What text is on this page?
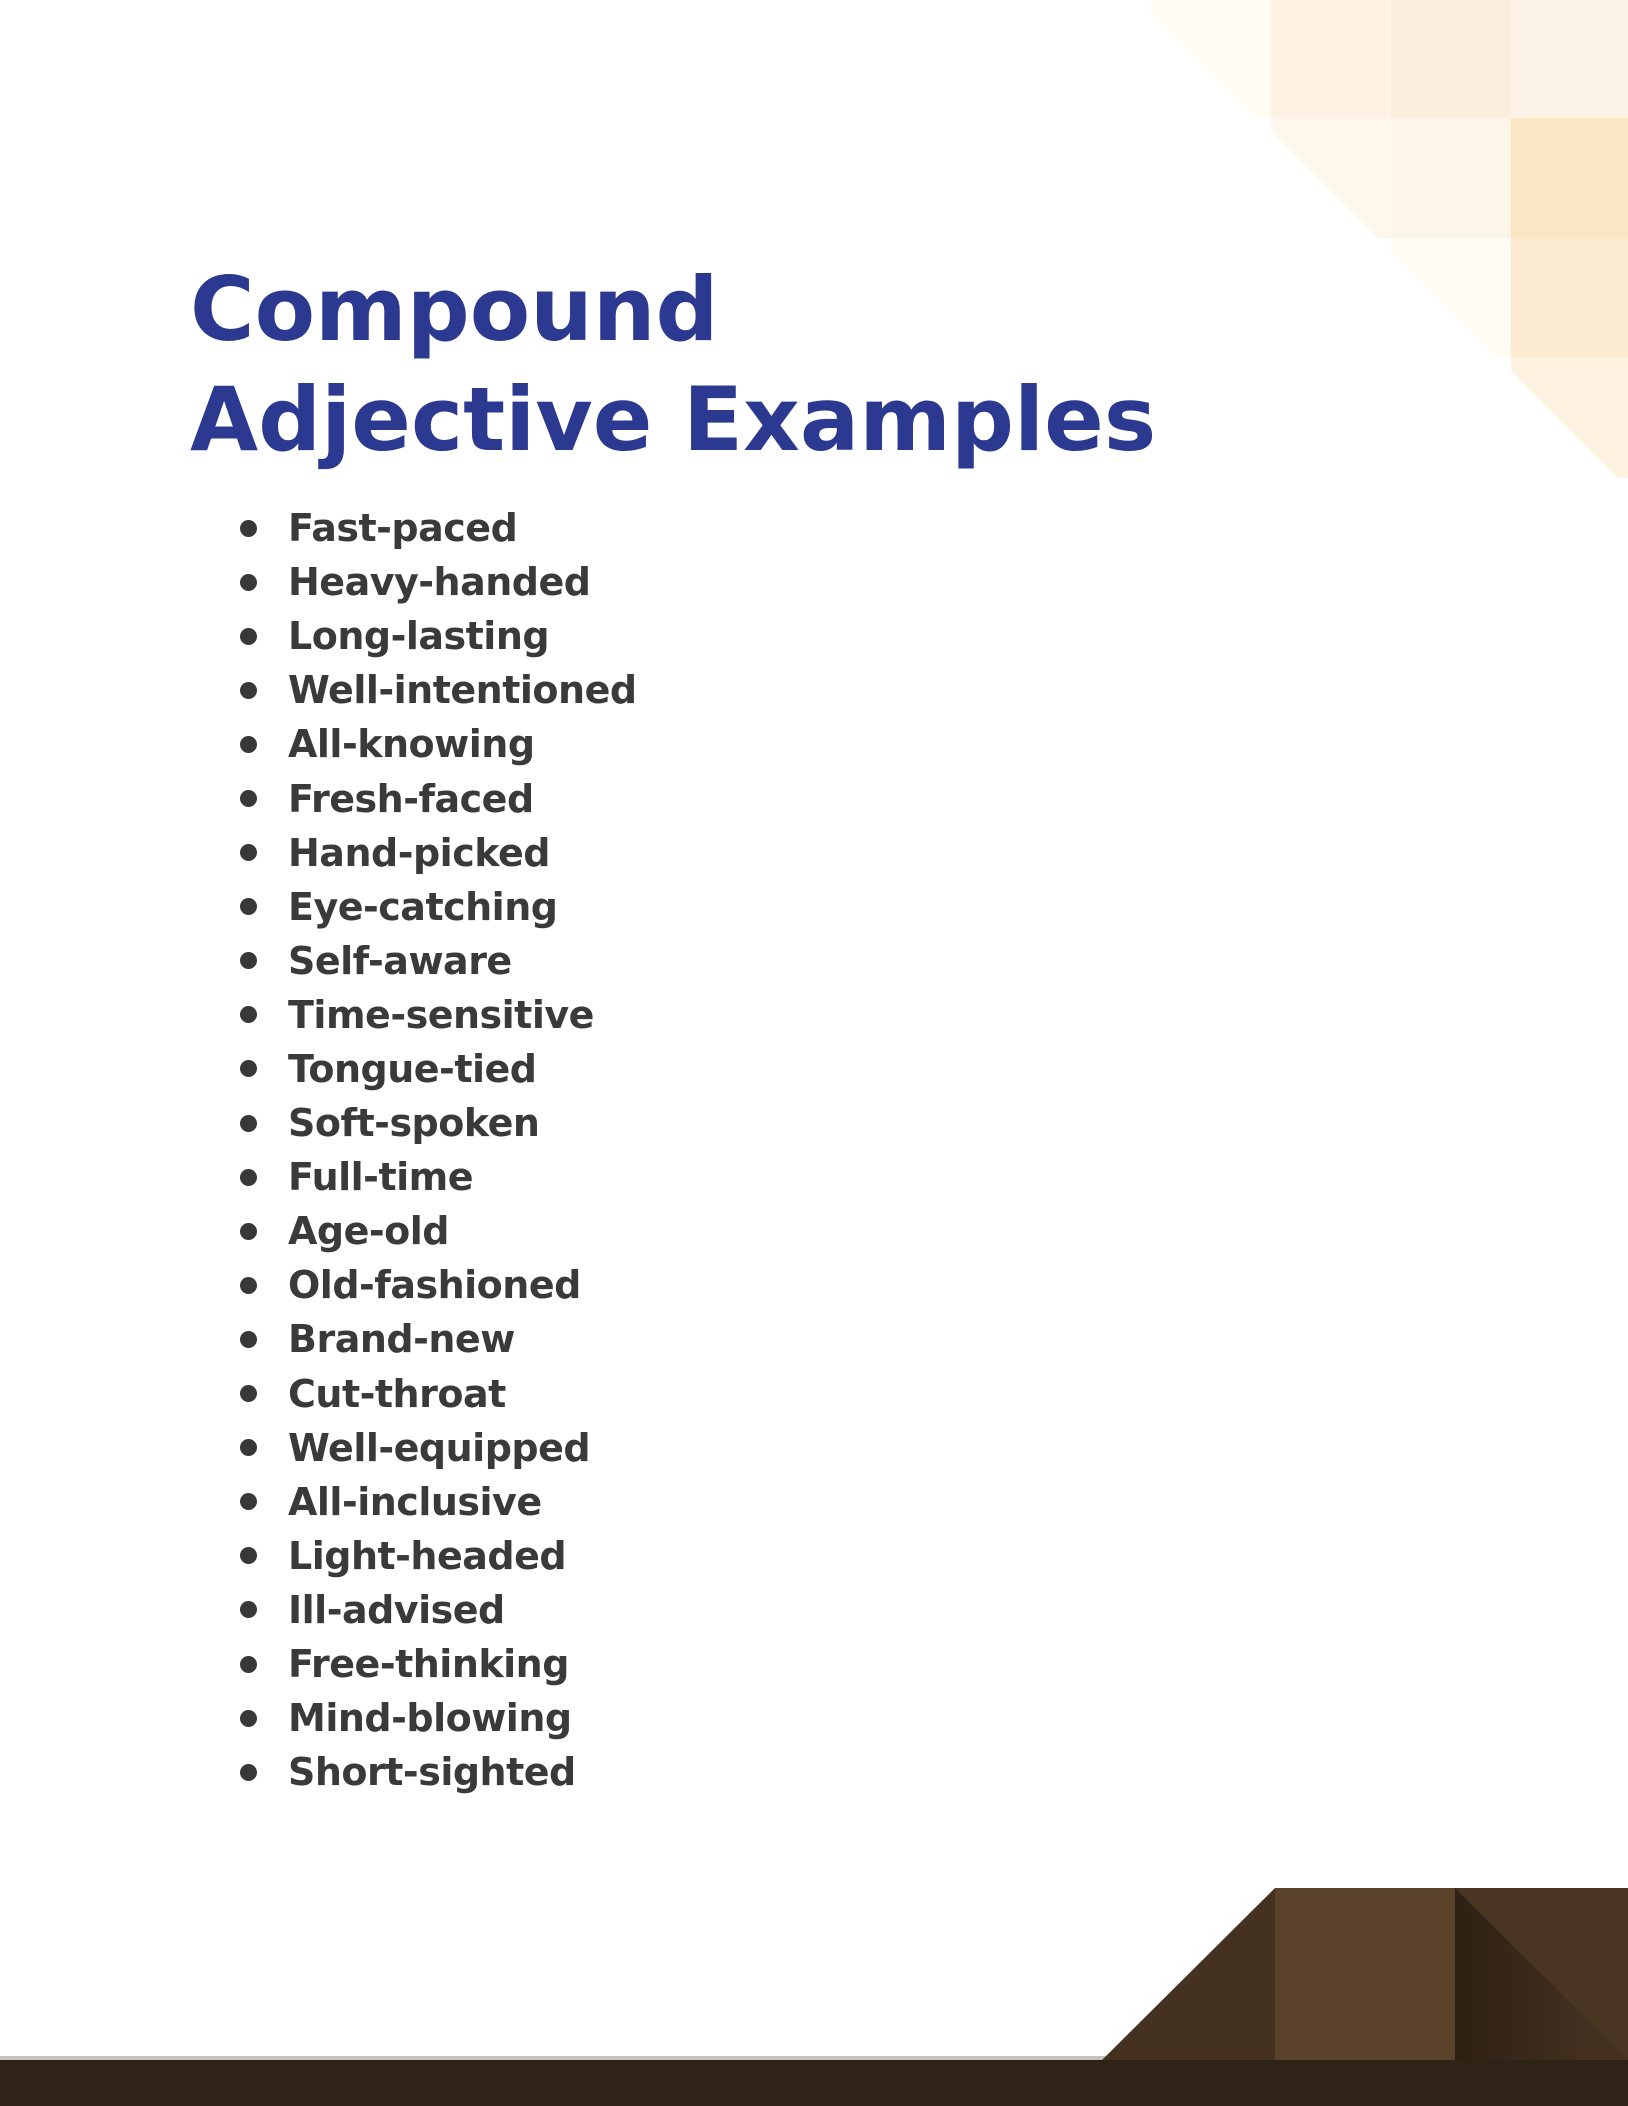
Compound
Adjective Examples
Fast-paced
Heavy-handed
Long-lasting
Well-intentioned
All-knowing
Fresh-faced
Hand-picked
Eye-catching
Self-aware
Time-sensitive
Tongue-tied
Soft-spoken
Full-time
Age-old
Old-fashioned
Brand-new
Cut-throat
Well-equipped
All-inclusive
Light-headed
Ill-advised
Free-thinking
Mind-blowing
Short-sighted
